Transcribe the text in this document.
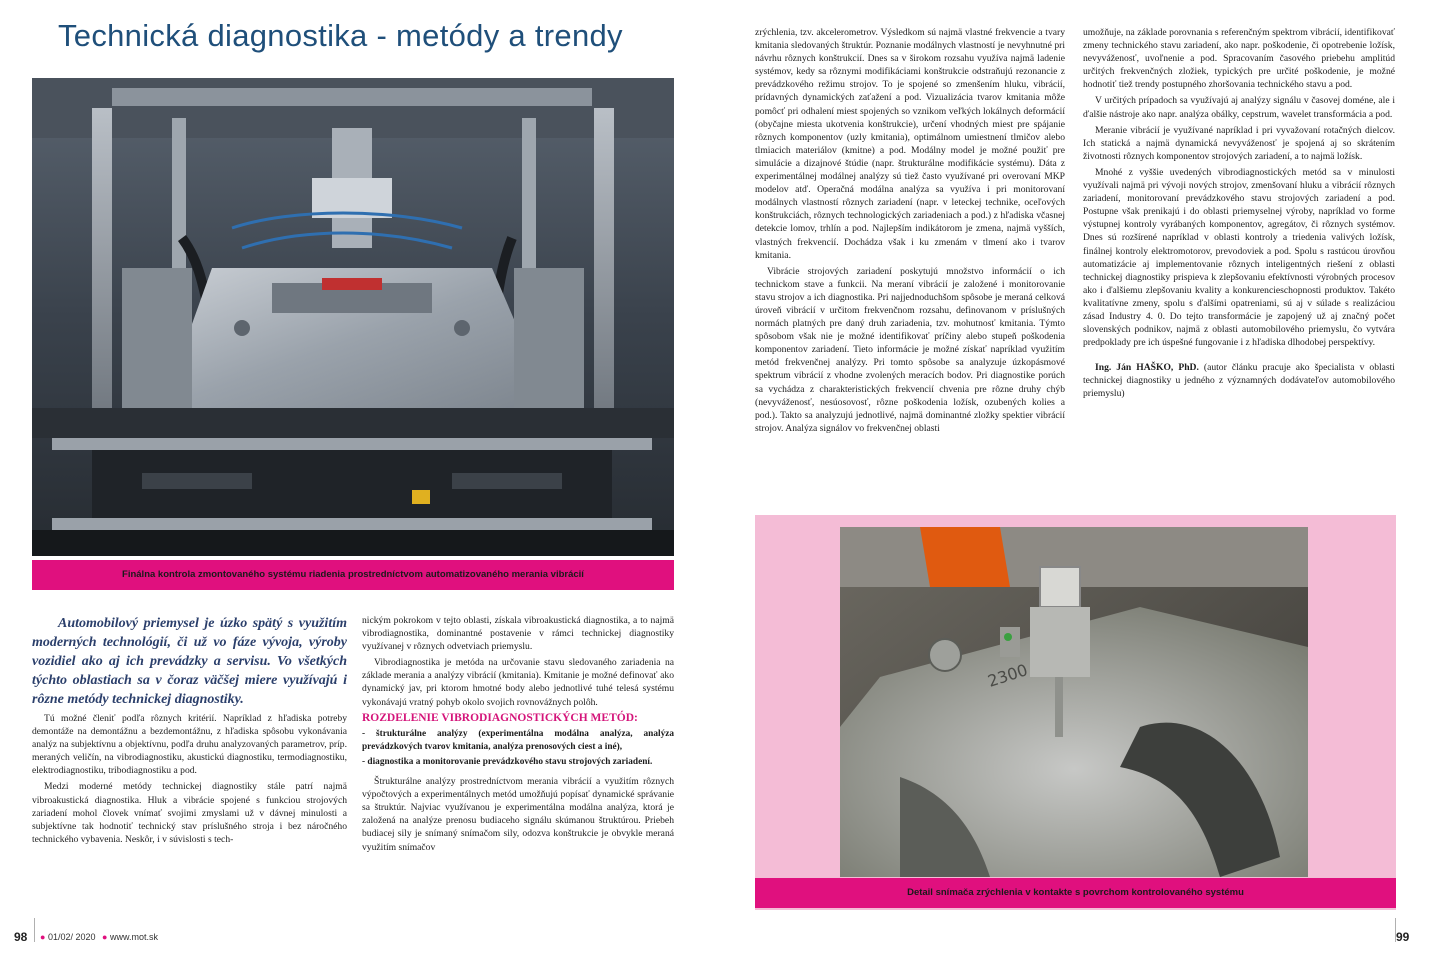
Technická diagnostika - metódy a trendy
Finálna kontrola zmontovaného systému riadenia prostredníctvom automatizovaného merania vibrácií

Automobilový priemysel je úzko spätý s využitím moderných technológií, či už vo fáze vývoja, výroby vozidiel ako aj ich prevádzky a servisu. Vo všetkých týchto oblastiach sa v čoraz väčšej miere využívajú i rôzne metódy technickej diagnostiky.

Tú možné členiť podľa rôznych kritérií. Napríklad z hľadiska potreby demontáže na demontážnu a bezdemontážnu, z hľadiska spôsobu vykonávania analýz na subjektívnu a objektívnu, podľa druhu analyzovaných parametrov, príp. meraných veličín, na vibrodiagnostiku, akustickú diagnostiku, termodiagnostiku, elektrodiagnostiku, tribodiagnostiku a pod.

Medzi moderné metódy technickej diagnostiky stále patrí najmä vibroakustická diagnostika. Hluk a vibrácie spojené s funkciou strojových zariadení mohol človek vnímať svojimi zmyslami už v dávnej minulosti a subjektívne tak hodnotiť technický stav príslušného stroja i bez náročného technického vybavenia. Neskôr, i v súvislosti s tech-

nickým pokrokom v tejto oblasti, získala vibroakustická diagnostika, a to najmä vibrodiagnostika, dominantné postavenie v rámci technickej diagnostiky využívanej v rôznych odvetviach priemyslu.

Vibrodiagnostika je metóda na určovanie stavu sledovaného zariadenia na základe merania a analýzy vibrácií (kmitania). Kmitanie je možné definovať ako dynamický jav, pri ktorom hmotné body alebo jednotlivé tuhé telesá systému vykonávajú vratný pohyb okolo svojich rovnovážnych polôh.

ROZDELENIE VIBRODIAGNOSTICKÝCH METÓD:

- štrukturálne analýzy (experimentálna modálna analýza, analýza prevádzkových tvarov kmitania, analýza prenosových ciest a iné),

- diagnostika a monitorovanie prevádzkového stavu strojových zariadení.

Štrukturálne analýzy prostredníctvom merania vibrácií a využitím rôznych výpočtových a experimentálnych metód umožňujú popísať dynamické správanie sa štruktúr. Najviac využívanou je experimentálna modálna analýza, ktorá je založená na analýze prenosu budiaceho signálu skúmanou štruktúrou. Priebeh budiacej sily je snímaný snímačom sily, odozva konštrukcie je obvykle meraná využitím snímačov

98 ● 01/02/ 2020 ● www.mot.sk

zrýchlenia, tzv. akcelerometrov. Výsledkom sú najmä vlastné frekvencie a tvary kmitania sledovaných štruktúr. Poznanie modálnych vlastností je nevyhnutné pri návrhu rôznych konštrukcií. Dnes sa v širokom rozsahu využíva najmä ladenie systémov, kedy sa rôznymi modifikáciami konštrukcie odstraňujú rezonancie z prevádzkového režimu strojov. To je spojené so zmenšením hluku, vibrácií, prídavných dynamických zaťažení a pod. Vizualizácia tvarov kmitania môže pomôcť pri odhalení miest spojených so vznikom veľkých lokálnych deformácií (obyčajne miesta ukotvenia konštrukcie), určení vhodných miest pre spájanie rôznych komponentov (uzly kmitania), optimálnom umiestnení tlmičov alebo tlmiacich materiálov (kmitne) a pod. Modálny model je možné použiť pre simulácie a dizajnové štúdie (napr. štrukturálne modifikácie systému). Dáta z experimentálnej modálnej analýzy sú tiež často využívané pri overovaní MKP modelov atď. Operačná modálna analýza sa využíva i pri monitorovaní modálnych vlastností rôznych zariadení (napr. v leteckej technike, oceľových konštrukciách, rôznych technologických zariadeniach a pod.) z hľadiska včasnej detekcie lomov, trhlín a pod. Najlepším indikátorom je zmena, najmä vyšších, vlastných frekvencií. Dochádza však i ku zmenám v tlmení ako i tvarov kmitania.

Vibrácie strojových zariadení poskytujú množstvo informácií o ich technickom stave a funkcii. Na meraní vibrácií je založené i monitorovanie stavu strojov a ich diagnostika. Pri najjednoduchšom spôsobe je meraná celková úroveň vibrácií v určitom frekvenčnom rozsahu, definovanom v príslušných normách platných pre daný druh zariadenia, tzv. mohutnosť kmitania. Týmto spôsobom však nie je možné identifikovať príčiny alebo stupeň poškodenia komponentov zariadení. Tieto informácie je možné získať napríklad využitím metód frekvenčnej analýzy. Pri tomto spôsobe sa analyzuje úzkopásmové spektrum vibrácií z vhodne zvolených meracích bodov. Pri diagnostike porúch sa vychádza z charakteristických frekvencií chvenia pre rôzne druhy chýb (nevyváženosť, nesúosovosť, rôzne poškodenia ložísk, ozubených kolies a pod.). Takto sa analyzujú jednotlivé, najmä dominantné zložky spektier vibrácií strojov. Analýza signálov vo frekvenčnej oblasti

umožňuje, na základe porovnania s referenčným spektrom vibrácií, identifikovať zmeny technického stavu zariadení, ako napr. poškodenie, či opotrebenie ložísk, nevyváženosť, uvoľnenie a pod. Spracovaním časového priebehu amplitúd určitých frekvenčných zložiek, typických pre určité poškodenie, je možné hodnotiť tiež trendy postupného zhoršovania technického stavu a pod.

V určitých prípadoch sa využívajú aj analýzy signálu v časovej doméne, ale i ďalšie nástroje ako napr. analýza obálky, cepstrum, wavelet transformácia a pod.

Meranie vibrácií je využívané napríklad i pri vyvažovaní rotačných dielcov. Ich statická a najmä dynamická nevyváženosť je spojená aj so skrátením životnosti rôznych komponentov strojových zariadení, a to najmä ložísk.

Mnohé z vyššie uvedených vibrodiagnostických metód sa v minulosti využívali najmä pri vývoji nových strojov, zmenšovaní hluku a vibrácií rôznych zariadení, monitorovaní prevádzkového stavu strojových zariadení a pod. Postupne však prenikajú i do oblasti priemyselnej výroby, napríklad vo forme výstupnej kontroly vyrábaných komponentov, agregátov, či rôznych systémov. Dnes sú rozšírené napríklad v oblasti kontroly a triedenia valivých ložísk, finálnej kontroly elektromotorov, prevodoviek a pod. Spolu s rastúcou úrovňou automatizácie aj implementovanie rôznych inteligentných riešení z oblasti technickej diagnostiky prispieva k zlepšovaniu efektívnosti výrobných procesov ako i ďalšiemu zlepšovaniu kvality a konkurencieschopnosti produktov. Takéto kvalitatívne zmeny, spolu s ďalšími opatreniami, sú aj v súlade s realizáciou zásad Industry 4. 0. Do tejto transformácie je zapojený už aj značný počet slovenských podnikov, najmä z oblasti automobilového priemyslu, čo vytvára predpoklady pre ich úspešné fungovanie i z hľadiska dlhodobej perspektívy.

Ing. Ján HAŠKO, PhD. (autor článku pracuje ako špecialista v oblasti technickej diagnostiky u jedného z významných dodávateľov automobilového priemyslu)

2300
Detail snímača zrýchlenia v kontakte s povrchom kontrolovaného systému
99
